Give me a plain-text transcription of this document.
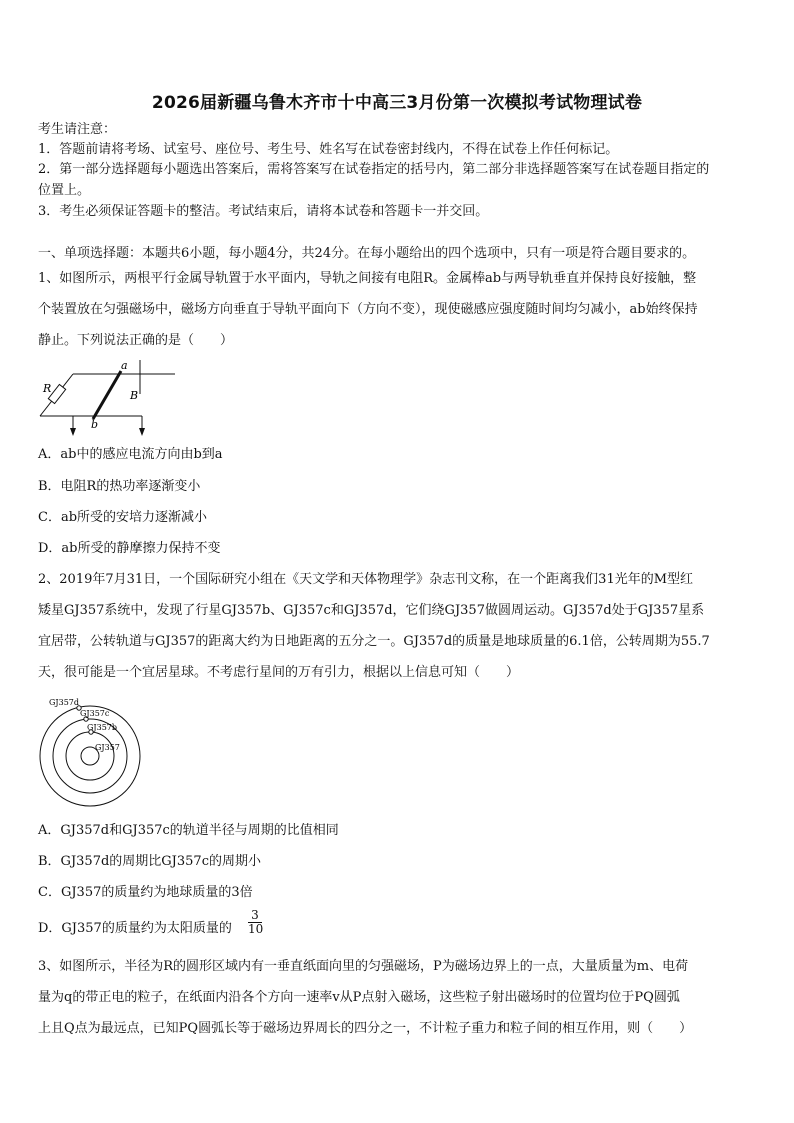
2026届新疆乌鲁木齐市十中高三3月份第一次模拟考试物理试卷
考生请注意：
1．答题前请将考场、试室号、座位号、考生号、姓名写在试卷密封线内，不得在试卷上作任何标记。
2．第一部分选择题每小题选出答案后，需将答案写在试卷指定的括号内，第二部分非选择题答案写在试卷题目指定的
位置上。
3．考生必须保证答题卡的整洁。考试结束后，请将本试卷和答题卡一并交回。
一、单项选择题：本题共6小题，每小题4分，共24分。在每小题给出的四个选项中，只有一项是符合题目要求的。
1、如图所示，两根平行金属导轨置于水平面内，导轨之间接有电阻R。金属棒ab与两导轨垂直并保持良好接触，整
个装置放在匀强磁场中，磁场方向垂直于导轨平面向下（方向不变），现使磁感应强度随时间均匀减小，ab始终保持
静止。下列说法正确的是（　　）
R
a
b
B
A．ab中的感应电流方向由b到a
B．电阻R的热功率逐渐变小
C．ab所受的安培力逐渐减小
D．ab所受的静摩擦力保持不变
2、2019年7月31日，一个国际研究小组在《天文学和天体物理学》杂志刊文称，在一个距离我们31光年的M型红
矮星GJ357系统中，发现了行星GJ357b、GJ357c和GJ357d，它们绕GJ357做圆周运动。GJ357d处于GJ357星系
宜居带，公转轨道与GJ357的距离大约为日地距离的五分之一。GJ357d的质量是地球质量的6.1倍，公转周期为55.7
天，很可能是一个宜居星球。不考虑行星间的万有引力，根据以上信息可知（　　）
GJ357d
GJ357c
GJ357b
GJ357
A．GJ357d和GJ357c的轨道半径与周期的比值相同
B．GJ357d的周期比GJ357c的周期小
C．GJ357的质量约为地球质量的3倍
D．GJ357的质量约为太阳质量的 $\frac{3}{10}$
3、如图所示，半径为R的圆形区域内有一垂直纸面向里的匀强磁场，P为磁场边界上的一点，大量质量为m、电荷
量为q的带正电的粒子，在纸面内沿各个方向一速率v从P点射入磁场，这些粒子射出磁场时的位置均位于PQ圆弧
上且Q点为最远点，已知PQ圆弧长等于磁场边界周长的四分之一，不计粒子重力和粒子间的相互作用，则（　　）
